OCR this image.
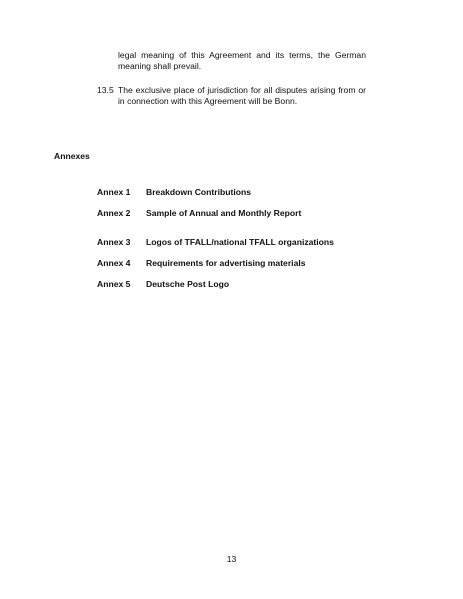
legal meaning of this Agreement and its terms, the German meaning shall prevail.
13.5 The exclusive place of jurisdiction for all disputes arising from or in connection with this Agreement will be Bonn.
Annexes
Annex 1 Breakdown Contributions
Annex 2 Sample of Annual and Monthly Report
Annex 3 Logos of TFALL/national TFALL organizations
Annex 4 Requirements for advertising materials
Annex 5 Deutsche Post Logo
13
